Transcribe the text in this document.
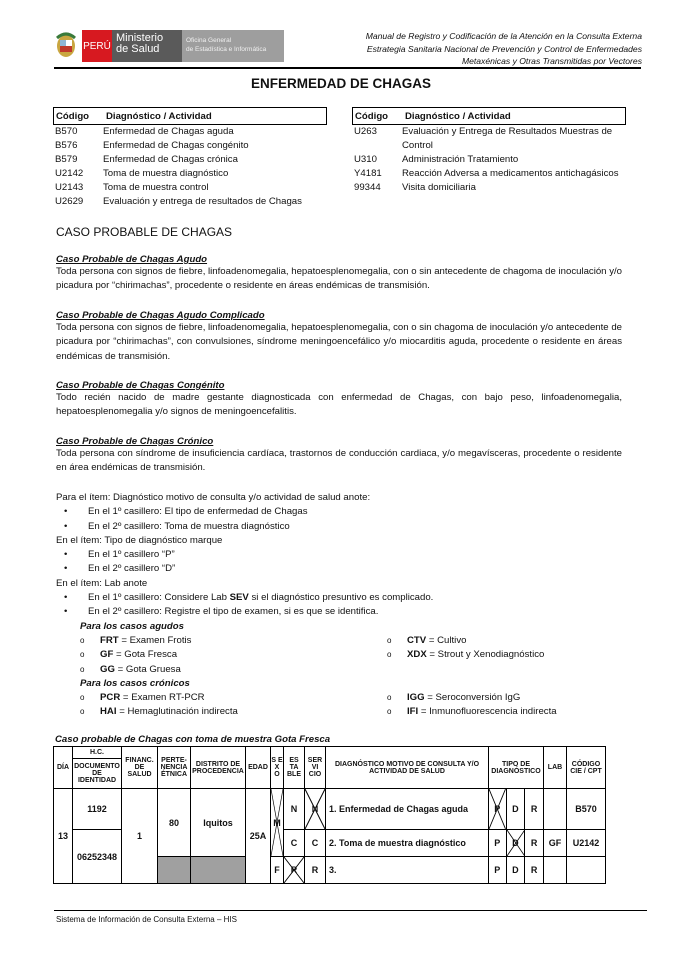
PERÚ
Ministerio
de Salud
Oficina General
de Estadística e Informática
Manual de Registro y Codificación de la Atención en la Consulta Externa
Estrategia Sanitaria Nacional de Prevención y Control de Enfermedades
Metaxénicas y Otras Transmitidas por Vectores
ENFERMEDAD DE CHAGAS
Código	Diagnóstico / Actividad
B570	Enfermedad de Chagas aguda
B576	Enfermedad de Chagas congénito
B579	Enfermedad de Chagas crónica
U2142	Toma de muestra diagnóstico
U2143	Toma de muestra control
U2629	Evaluación y entrega de resultados de Chagas
Código	Diagnóstico / Actividad
U263	Evaluación y Entrega de Resultados Muestras de Control
U310	Administración Tratamiento
Y4181	Reacción Adversa a medicamentos antichagásicos
99344	Visita domiciliaria
CASO PROBABLE DE CHAGAS
Caso Probable de Chagas Agudo
Toda persona con signos de fiebre, linfoadenomegalia, hepatoesplenomegalia, con o sin antecedente de chagoma de inoculación y/o picadura por “chirimachas”, procedente o residente en áreas endémicas de transmisión.
Caso Probable de Chagas Agudo Complicado
Toda persona con signos de fiebre, linfoadenomegalia, hepatoesplenomegalia, con o sin chagoma de inoculación y/o antecedente de picadura por “chirimachas”, con convulsiones, síndrome meningoencefálico y/o miocarditis aguda, procedente o residente en áreas endémicas de transmisión.
Caso Probable de Chagas Congénito
Todo recién nacido de madre gestante diagnosticada con enfermedad de Chagas, con bajo peso, linfoadenomegalia, hepatoesplenomegalia y/o signos de meningoencefalitis.
Caso Probable de Chagas Crónico
Toda persona con síndrome de insuficiencia cardíaca, trastornos de conducción cardiaca, y/o megavísceras, procedente o residente en área endémicas de transmisión.
Para el ítem: Diagnóstico motivo de consulta y/o actividad de salud anote:
• En el 1º casillero: El tipo de enfermedad de Chagas
• En el 2º casillero: Toma de muestra diagnóstico
En el ítem: Tipo de diagnóstico marque
• En el 1º casillero “P”
• En el 2º casillero “D”
En el ítem: Lab anote
• En el 1º casillero: Considere Lab SEV si el diagnóstico presuntivo es complicado.
• En el 2º casillero: Registre el tipo de examen, si es que se identifica.
Para los casos agudos
o FRT = Examen Frotis	o CTV = Cultivo
o GF = Gota Fresca	o XDX = Strout y Xenodiagnóstico
o GG = Gota Gruesa
Para los casos crónicos
o PCR = Examen RT-PCR	o IGG = Seroconversión IgG
o HAI = Hemaglutinación indirecta	o IFI = Inmunofluorescencia indirecta
Caso probable de Chagas con toma de muestra Gota Fresca
DÍA	H.C.	FINANC. DE SALUD	PERTE- NENCIA ÉTNICA	DISTRITO DE PROCEDENCIA	EDAD	S E X O	ES TA BLE	SER VI CIO	DIAGNÓSTICO MOTIVO DE CONSULTA Y/O ACTIVIDAD DE SALUD	TIPO DE DIAGNÓSTICO			LAB	CÓDIGO CIE / CPT
	DOCUMENTO DE IDENTIDAD													
13	1192	1	80	Iquitos	25A	M	N	N	1. Enfermedad de Chagas aguda	P	D	R		B570
	06252348						C	C	2. Toma de muestra diagnóstico	P	D	R	GF	U2142
						F	R	R	3.	P	D	R		
Sistema de Información de Consulta Externa – HIS
